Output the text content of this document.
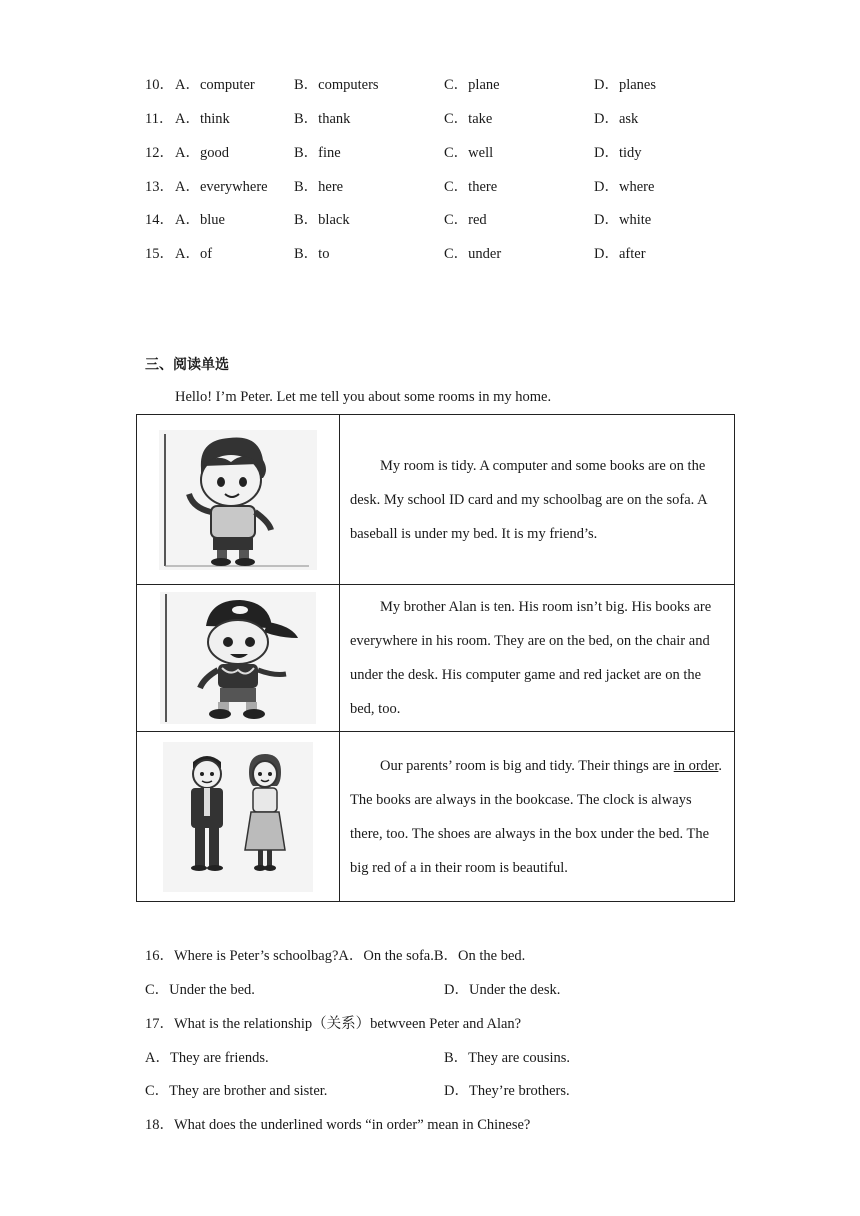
10． A．computer	B．computers	C．plane	D．planes
11． A．think	B．thank	C．take	D．ask
12． A．good	B．fine	C．well	D．tidy
13． A．everywhere B．here	C．there	D．where
14． A．blue	B．black	C．red	D．white
15． A．of	B．to	C．under	D．after
三、阅读单选
Hello! I’m Peter. Let me tell you about some rooms in my home.

My room is tidy. A computer and some books are on the desk. My school ID card and my schoolbag are on the sofa. A baseball is under my bed. It is my friend’s.

My brother Alan is ten. His room isn’t big. His books are everywhere in his room. They are on the bed, on the chair and under the desk. His computer game and red jacket are on the bed, too.

Our parents’ room is big and tidy. Their things are in order. The books are always in the bookcase. The clock is always there, too. The shoes are always in the box under the bed. The big red of a in their room is beautiful.

16．Where is Peter’s schoolbag?A．On the sofa.B．On the bed.
C．Under the bed.	D．Under the desk.
17．What is the relationship（关系）betwveen Peter and Alan?
A．They are friends.	B．They are cousins.
C．They are brother and sister.	D．They’re brothers.
18．What does the underlined words “in order” mean in Chinese?
